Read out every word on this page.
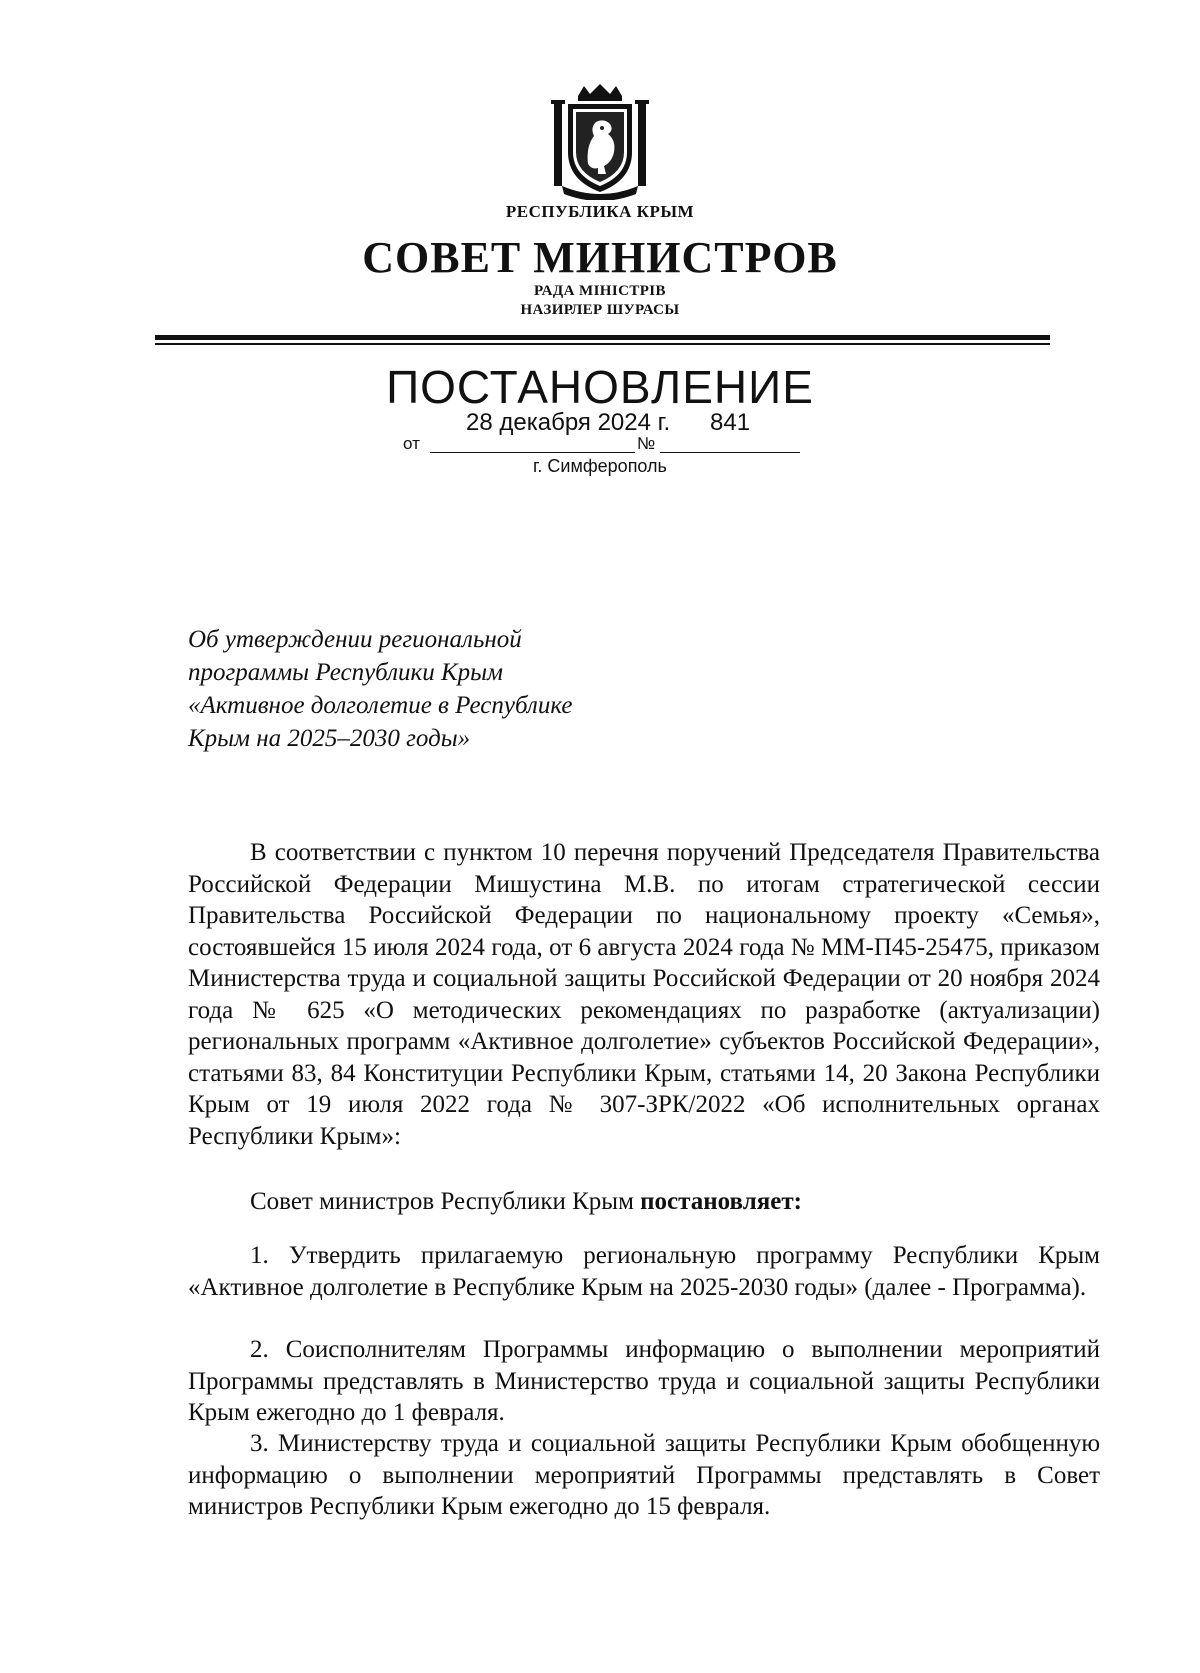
РЕСПУБЛИКА КРЫМ
СОВЕТ МИНИСТРОВ
РАДА МІНІСТРІВ
НАЗИРЛЕР ШУРАСЫ
ПОСТАНОВЛЕНИЕ
28 декабря 2024 г. 841
от	№
г. Симферополь
Об утверждении региональной
программы Республики Крым
«Активное долголетие в Республике
Крым на 2025–2030 годы»
В соответствии с пунктом 10 перечня поручений Председателя Правительства Российской Федерации Мишустина М.В. по итогам стратегической сессии Правительства Российской Федерации по национальному проекту «Семья», состоявшейся 15 июля 2024 года, от 6 августа 2024 года № ММ-П45-25475, приказом Министерства труда и социальной защиты Российской Федерации от 20 ноября 2024 года № 625 «О методических рекомендациях по разработке (актуализации) региональных программ «Активное долголетие» субъектов Российской Федерации», статьями 83, 84 Конституции Республики Крым, статьями 14, 20 Закона Республики Крым от 19 июля 2022 года № 307-ЗРК/2022 «Об исполнительных органах Республики Крым»:
Совет министров Республики Крым постановляет:
1. Утвердить прилагаемую региональную программу Республики Крым «Активное долголетие в Республике Крым на 2025-2030 годы» (далее - Программа).
2. Соисполнителям Программы информацию о выполнении мероприятий Программы представлять в Министерство труда и социальной защиты Республики Крым ежегодно до 1 февраля.
3. Министерству труда и социальной защиты Республики Крым обобщенную информацию о выполнении мероприятий Программы представлять в Совет министров Республики Крым ежегодно до 15 февраля.
